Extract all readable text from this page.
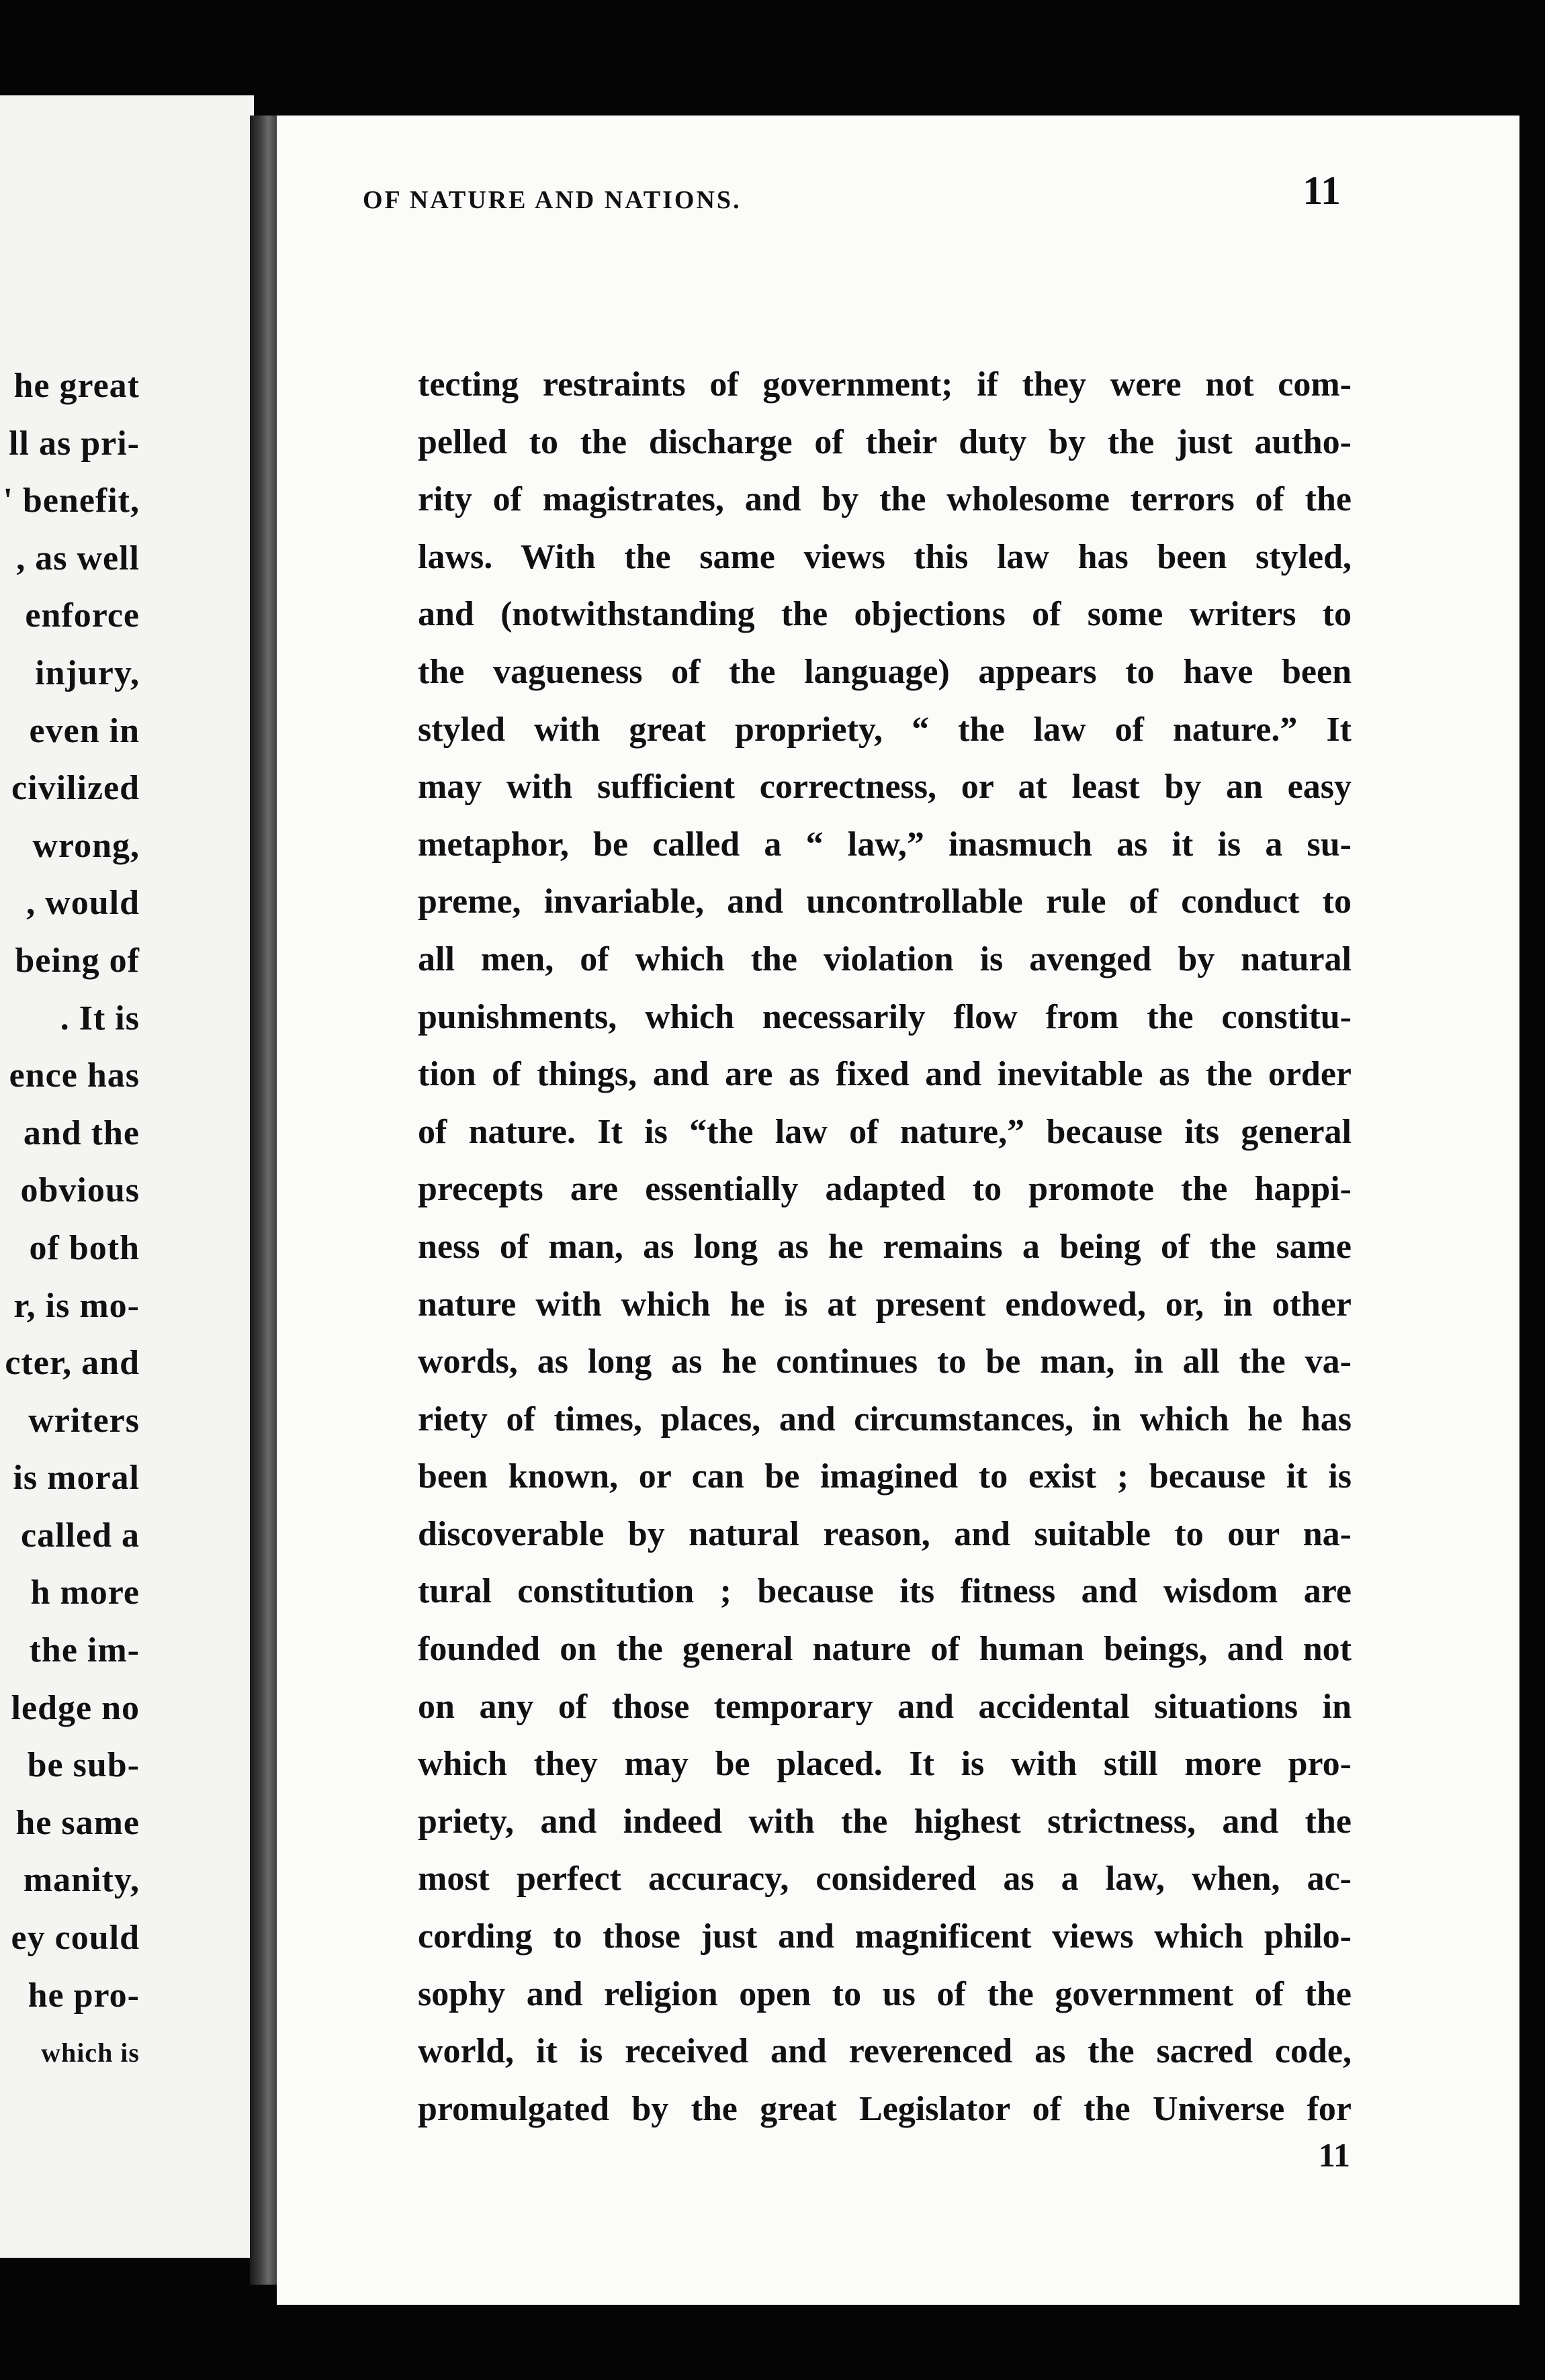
he great
ll as pri-
' benefit,
, as well
enforce
injury,
even in
civilized
wrong,
, would
being of
. It is
ence has
and the
obvious
of both
r, is mo-
cter, and
writers
is moral
called a
h more
the im-
ledge no
be sub-
he same
manity,
ey could
he pro-
which is
OF NATURE AND NATIONS.	11
tecting restraints of government; if they were not com-
pelled to the discharge of their duty by the just autho-
rity of magistrates, and by the wholesome terrors of the
laws. With the same views this law has been styled,
and (notwithstanding the objections of some writers to
the vagueness of the language) appears to have been
styled with great propriety, “ the law of nature.” It
may with sufficient correctness, or at least by an easy
metaphor, be called a “ law,” inasmuch as it is a su-
preme, invariable, and uncontrollable rule of conduct to
all men, of which the violation is avenged by natural
punishments, which necessarily flow from the constitu-
tion of things, and are as fixed and inevitable as the order
of nature. It is “the law of nature,” because its general
precepts are essentially adapted to promote the happi-
ness of man, as long as he remains a being of the same
nature with which he is at present endowed, or, in other
words, as long as he continues to be man, in all the va-
riety of times, places, and circumstances, in which he has
been known, or can be imagined to exist ; because it is
discoverable by natural reason, and suitable to our na-
tural constitution ; because its fitness and wisdom are
founded on the general nature of human beings, and not
on any of those temporary and accidental situations in
which they may be placed. It is with still more pro-
priety, and indeed with the highest strictness, and the
most perfect accuracy, considered as a law, when, ac-
cording to those just and magnificent views which philo-
sophy and religion open to us of the government of the
world, it is received and reverenced as the sacred code,
promulgated by the great Legislator of the Universe for
11
